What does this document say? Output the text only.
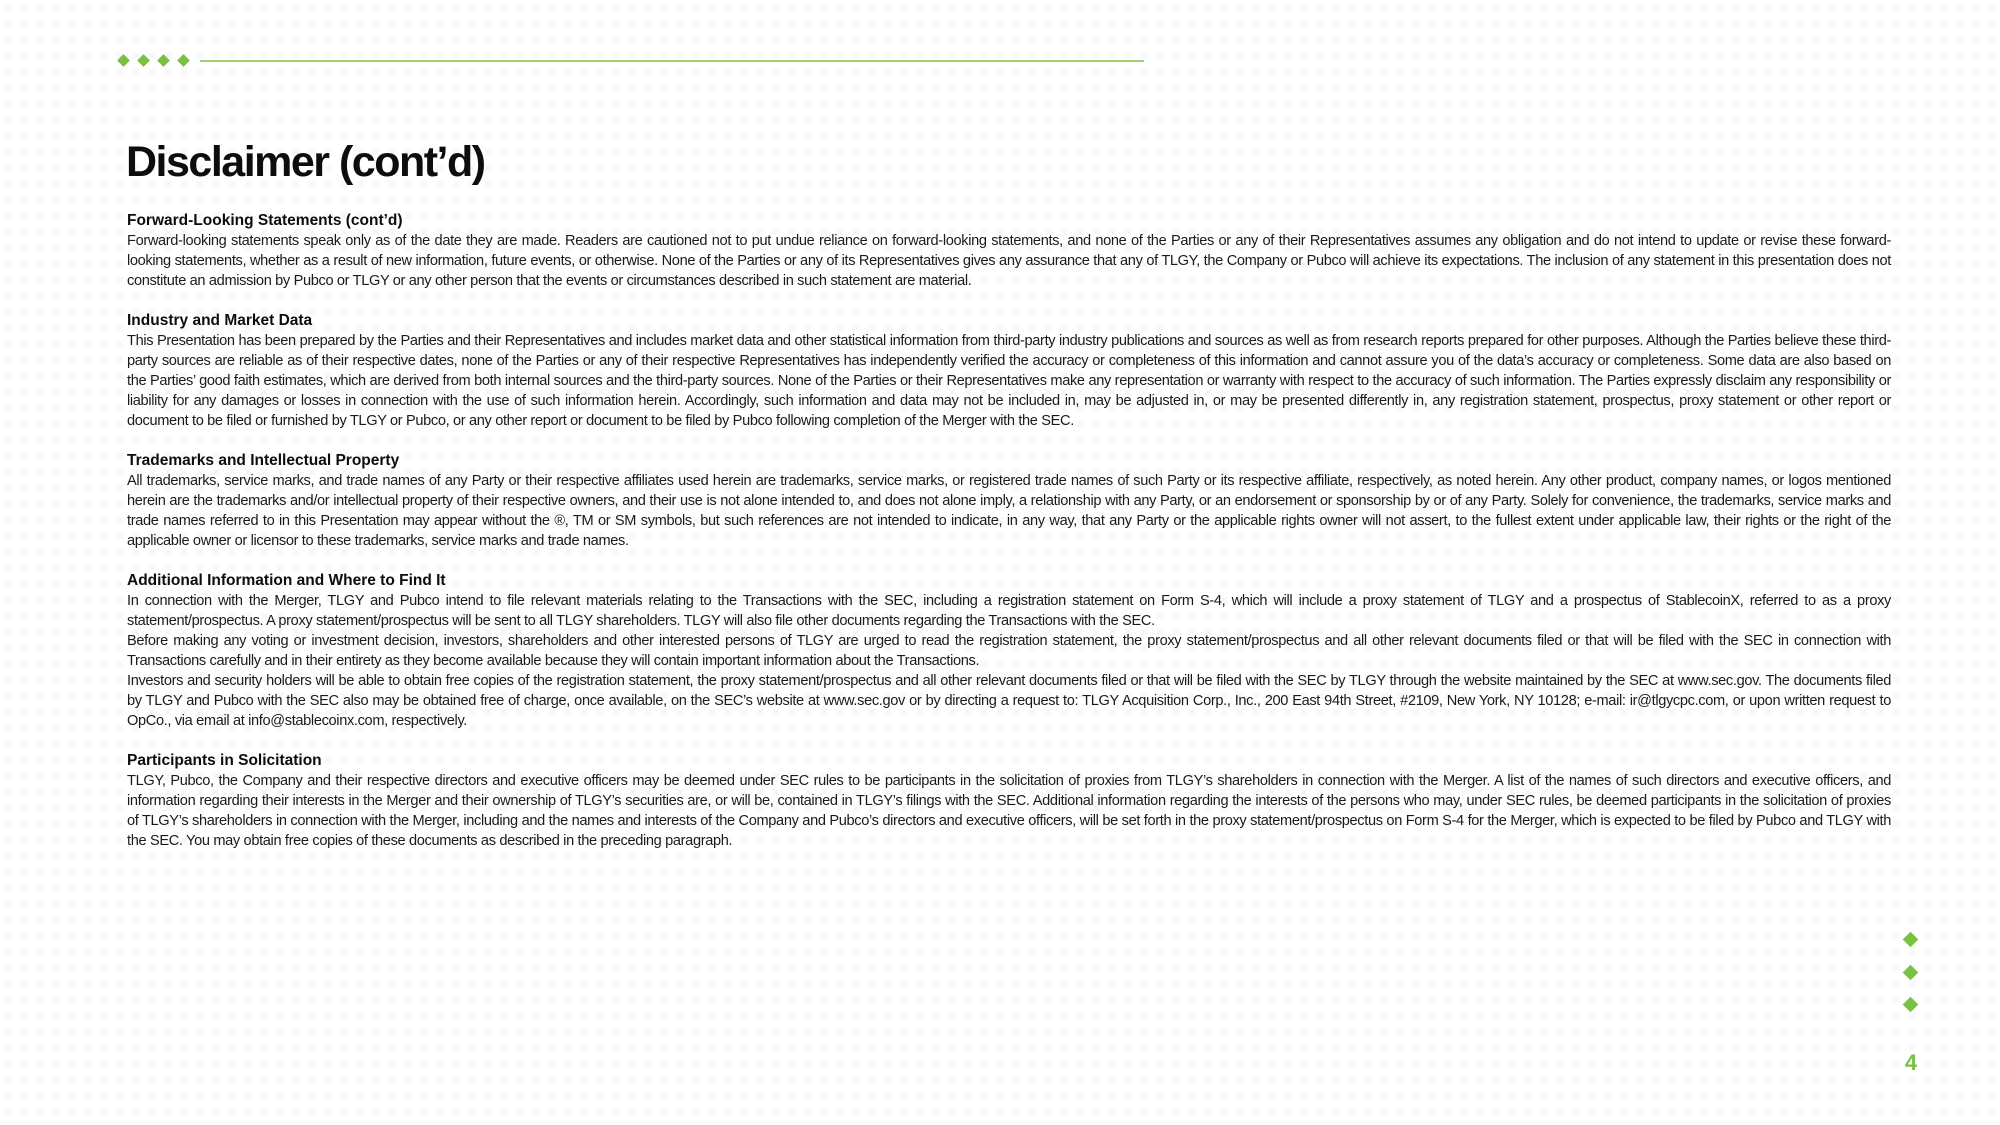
Disclaimer (cont’d)

Forward-Looking Statements (cont’d)

Forward-looking statements speak only as of the date they are made. Readers are cautioned not to put undue reliance on forward-looking statements, and none of the Parties or any of their Representatives assumes any obligation and do not intend to update or revise these forward-looking statements, whether as a result of new information, future events, or otherwise. None of the Parties or any of its Representatives gives any assurance that any of TLGY, the Company or Pubco will achieve its expectations. The inclusion of any statement in this presentation does not constitute an admission by Pubco or TLGY or any other person that the events or circumstances described in such statement are material.

Industry and Market Data

This Presentation has been prepared by the Parties and their Representatives and includes market data and other statistical information from third-party industry publications and sources as well as from research reports prepared for other purposes. Although the Parties believe these third-party sources are reliable as of their respective dates, none of the Parties or any of their respective Representatives has independently verified the accuracy or completeness of this information and cannot assure you of the data’s accuracy or completeness. Some data are also based on the Parties’ good faith estimates, which are derived from both internal sources and the third-party sources. None of the Parties or their Representatives make any representation or warranty with respect to the accuracy of such information. The Parties expressly disclaim any responsibility or liability for any damages or losses in connection with the use of such information herein. Accordingly, such information and data may not be included in, may be adjusted in, or may be presented differently in, any registration statement, prospectus, proxy statement or other report or document to be filed or furnished by TLGY or Pubco, or any other report or document to be filed by Pubco following completion of the Merger with the SEC.

Trademarks and Intellectual Property

All trademarks, service marks, and trade names of any Party or their respective affiliates used herein are trademarks, service marks, or registered trade names of such Party or its respective affiliate, respectively, as noted herein. Any other product, company names, or logos mentioned herein are the trademarks and/or intellectual property of their respective owners, and their use is not alone intended to, and does not alone imply, a relationship with any Party, or an endorsement or sponsorship by or of any Party. Solely for convenience, the trademarks, service marks and trade names referred to in this Presentation may appear without the ®, TM or SM symbols, but such references are not intended to indicate, in any way, that any Party or the applicable rights owner will not assert, to the fullest extent under applicable law, their rights or the right of the applicable owner or licensor to these trademarks, service marks and trade names.

Additional Information and Where to Find It

In connection with the Merger, TLGY and Pubco intend to file relevant materials relating to the Transactions with the SEC, including a registration statement on Form S-4, which will include a proxy statement of TLGY and a prospectus of StablecoinX, referred to as a proxy statement/prospectus. A proxy statement/prospectus will be sent to all TLGY shareholders. TLGY will also file other documents regarding the Transactions with the SEC.

Before making any voting or investment decision, investors, shareholders and other interested persons of TLGY are urged to read the registration statement, the proxy statement/prospectus and all other relevant documents filed or that will be filed with the SEC in connection with Transactions carefully and in their entirety as they become available because they will contain important information about the Transactions.

Investors and security holders will be able to obtain free copies of the registration statement, the proxy statement/prospectus and all other relevant documents filed or that will be filed with the SEC by TLGY through the website maintained by the SEC at www.sec.gov. The documents filed by TLGY and Pubco with the SEC also may be obtained free of charge, once available, on the SEC’s website at www.sec.gov or by directing a request to: TLGY Acquisition Corp., Inc., 200 East 94th Street, #2109, New York, NY 10128; e-mail: ir@tlgycpc.com, or upon written request to OpCo., via email at info@stablecoinx.com, respectively.

Participants in Solicitation

TLGY, Pubco, the Company and their respective directors and executive officers may be deemed under SEC rules to be participants in the solicitation of proxies from TLGY’s shareholders in connection with the Merger. A list of the names of such directors and executive officers, and information regarding their interests in the Merger and their ownership of TLGY’s securities are, or will be, contained in TLGY’s filings with the SEC. Additional information regarding the interests of the persons who may, under SEC rules, be deemed participants in the solicitation of proxies of TLGY’s shareholders in connection with the Merger, including and the names and interests of the Company and Pubco’s directors and executive officers, will be set forth in the proxy statement/prospectus on Form S-4 for the Merger, which is expected to be filed by Pubco and TLGY with the SEC. You may obtain free copies of these documents as described in the preceding paragraph.

4
